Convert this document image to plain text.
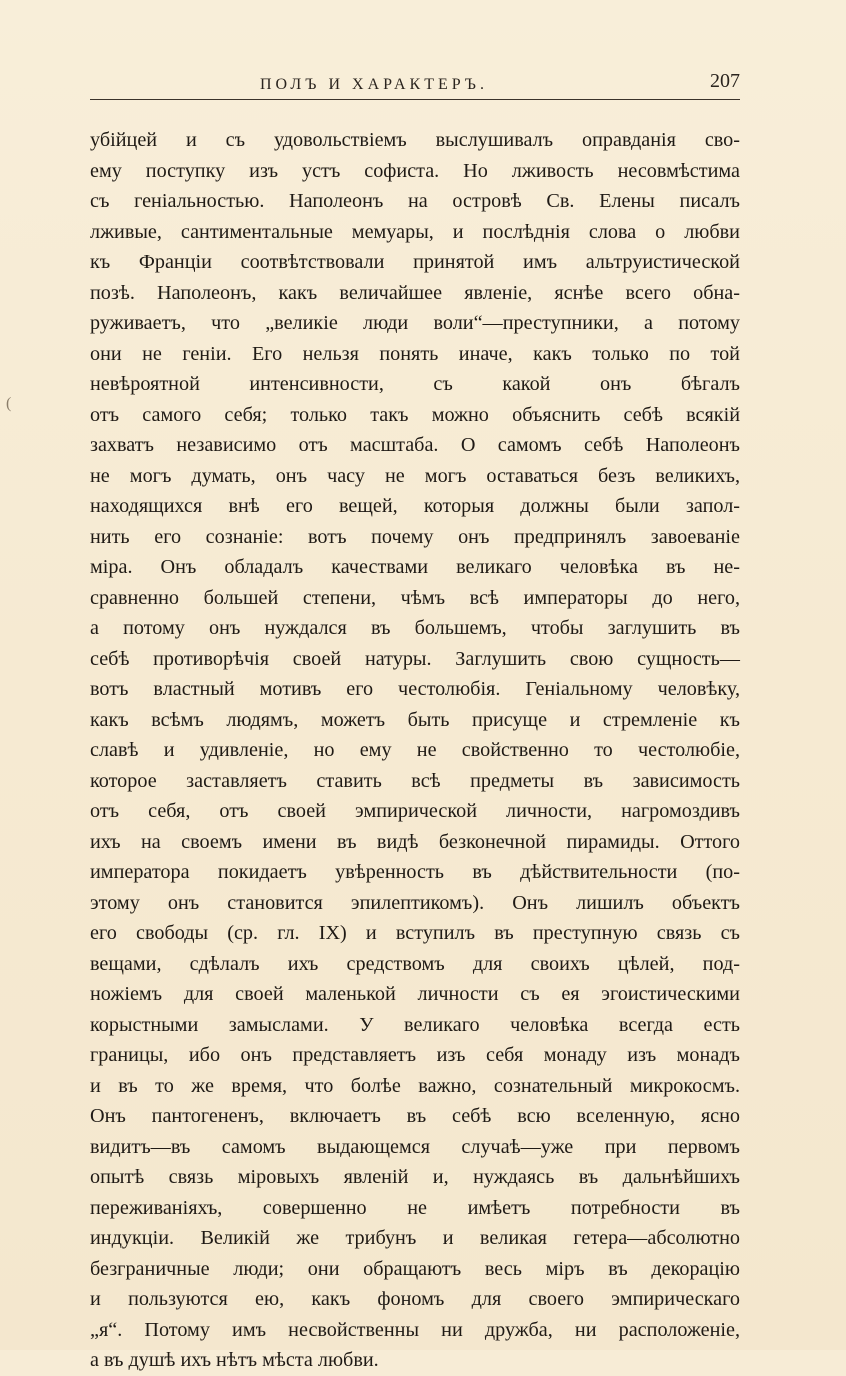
ПОЛЪ И ХАРАКТЕРЪ.	207
(
убійцей и съ удовольствіемъ выслушивалъ оправданія сво-
ему поступку изъ устъ софиста. Но лживость несовмѣстима
съ геніальностью. Наполеонъ на островѣ Св. Елены писалъ
лживые, сантиментальные мемуары, и послѣднія слова о любви
къ Франціи соотвѣтствовали принятой имъ альтруистической
позѣ. Наполеонъ, какъ величайшее явленіе, яснѣе всего обна-
руживаетъ, что „великіе люди воли“—преступники, а потому
они не геніи. Его нельзя понять иначе, какъ только по той
невѣроятной интенсивности, съ какой онъ бѣгалъ
отъ самого себя; только такъ можно объяснить себѣ всякій
захватъ независимо отъ масштаба. О самомъ себѣ Наполеонъ
не могъ думать, онъ часу не могъ оставаться безъ великихъ,
находящихся внѣ его вещей, которыя должны были запол-
нить его сознаніе: вотъ почему онъ предпринялъ завоеваніе
міра. Онъ обладалъ качествами великаго человѣка въ не-
сравненно большей степени, чѣмъ всѣ императоры до него,
а потому онъ нуждался въ большемъ, чтобы заглушить въ
себѣ противорѣчія своей натуры. Заглушить свою сущность—
вотъ властный мотивъ его честолюбія. Геніальному человѣку,
какъ всѣмъ людямъ, можетъ быть присуще и стремленіе къ
славѣ и удивленіе, но ему не свойственно то честолюбіе,
которое заставляетъ ставить всѣ предметы въ зависимость
отъ себя, отъ своей эмпирической личности, нагромоздивъ
ихъ на своемъ имени въ видѣ безконечной пирамиды. Оттого
императора покидаетъ увѣренность въ дѣйствительности (по-
этому онъ становится эпилептикомъ). Онъ лишилъ объектъ
его свободы (ср. гл. IX) и вступилъ въ преступную связь съ
вещами, сдѣлалъ ихъ средствомъ для своихъ цѣлей, под-
ножіемъ для своей маленькой личности съ ея эгоистическими
корыстными замыслами. У великаго человѣка всегда есть
границы, ибо онъ представляетъ изъ себя монаду изъ монадъ
и въ то же время, что болѣе важно, сознательный микрокосмъ.
Онъ пантогененъ, включаетъ въ себѣ всю вселенную, ясно
видитъ—въ самомъ выдающемся случаѣ—уже при первомъ
опытѣ связь міровыхъ явленій и, нуждаясь въ дальнѣйшихъ
переживаніяхъ, совершенно не имѣетъ потребности въ
индукціи. Великій же трибунъ и великая гетера—абсолютно
безграничные люди; они обращаютъ весь міръ въ декорацію
и пользуются ею, какъ фономъ для своего эмпирическаго
„я“. Потому имъ несвойственны ни дружба, ни расположеніе,
а въ душѣ ихъ нѣтъ мѣста любви.
